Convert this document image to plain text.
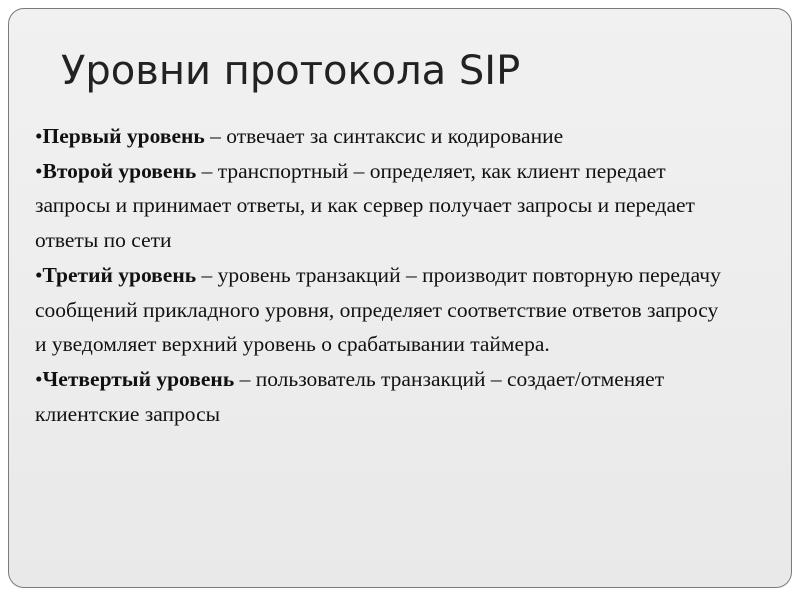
Уровни протокола SIP

•Первый уровень – отвечает за синтаксис и кодирование

•Второй уровень – транспортный – определяет, как клиент передает запросы и принимает ответы, и как сервер получает запросы и передает ответы по сети

•Третий уровень – уровень транзакций – производит повторную передачу сообщений прикладного уровня, определяет соответствие ответов запросу и уведомляет верхний уровень о срабатывании таймера.

•Четвертый уровень – пользователь транзакций – создает/отменяет клиентские запросы
